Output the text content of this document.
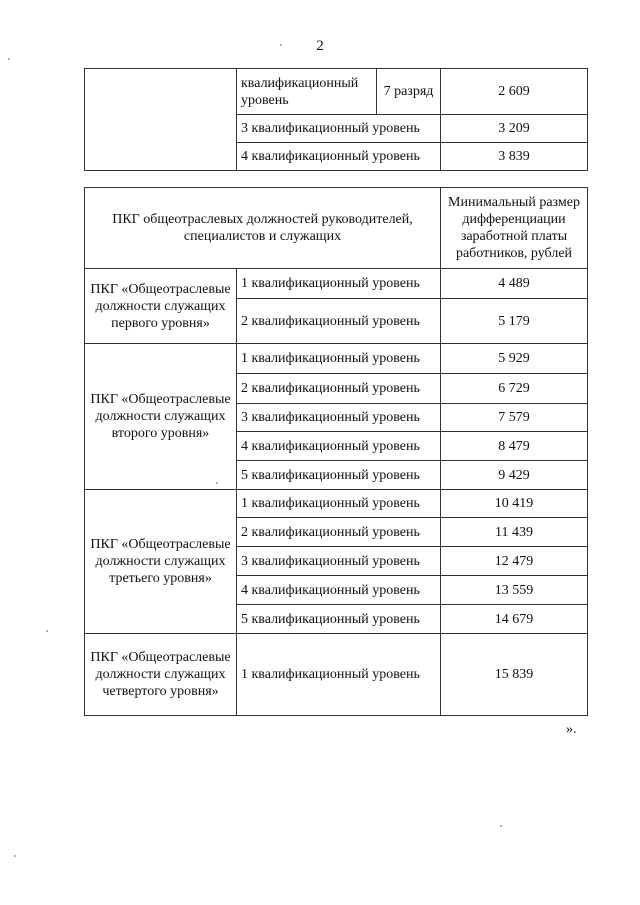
2
	квалификационный уровень	7 разряд	2 609
	3 квалификационный уровень		3 209
	4 квалификационный уровень		3 839
ПКГ общеотраслевых должностей руководителей, специалистов и служащих		Минимальный размер дифференциации заработной платы работников, рублей
ПКГ «Общеотраслевые должности служащих первого уровня»	1 квалификационный уровень	4 489
	2 квалификационный уровень	5 179
ПКГ «Общеотраслевые должности служащих второго уровня»	1 квалификационный уровень	5 929
	2 квалификационный уровень	6 729
	3 квалификационный уровень	7 579
	4 квалификационный уровень	8 479
	5 квалификационный уровень	9 429
ПКГ «Общеотраслевые должности служащих третьего уровня»	1 квалификационный уровень	10 419
	2 квалификационный уровень	11 439
	3 квалификационный уровень	12 479
	4 квалификационный уровень	13 559
	5 квалификационный уровень	14 679
ПКГ «Общеотраслевые должности служащих четвертого уровня»	1 квалификационный уровень	15 839
».
